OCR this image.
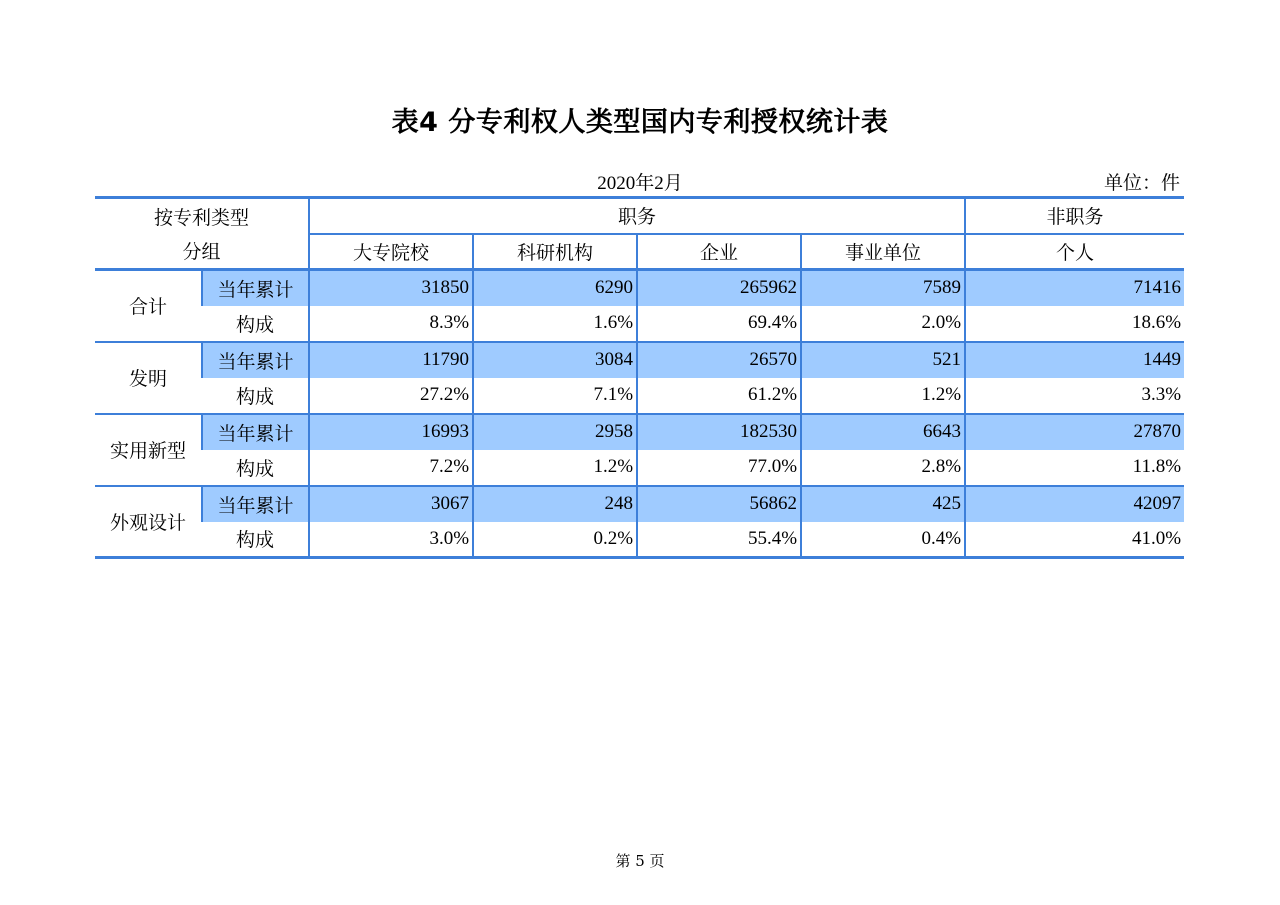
表4 分专利权人类型国内专利授权统计表
2020年2月	单位：件
按专利类型		职务				非职务
分组		大专院校	科研机构	企业	事业单位	个人
合计	当年累计	31850	6290	265962	7589	71416
	构成	8.3%	1.6%	69.4%	2.0%	18.6%
发明	当年累计	11790	3084	26570	521	1449
	构成	27.2%	7.1%	61.2%	1.2%	3.3%
实用新型	当年累计	16993	2958	182530	6643	27870
	构成	7.2%	1.2%	77.0%	2.8%	11.8%
外观设计	当年累计	3067	248	56862	425	42097
	构成	3.0%	0.2%	55.4%	0.4%	41.0%
第 5 页
